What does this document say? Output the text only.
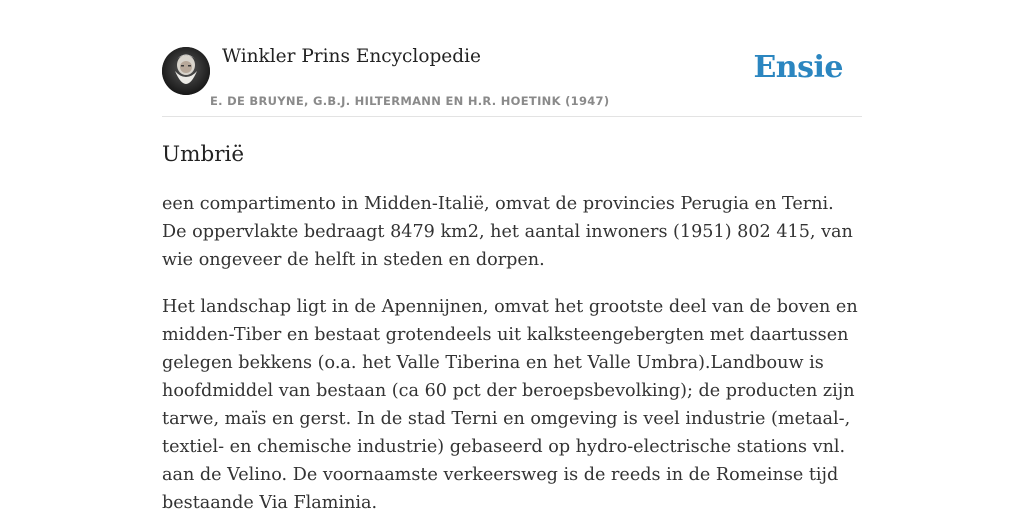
Winkler Prins Encyclopedie
E. DE BRUYNE, G.B.J. HILTERMANN EN H.R. HOETINK (1947)
Ensie
Umbrië

een compartimento in Midden-Italië, omvat de provincies Perugia en Terni. De oppervlakte bedraagt 8479 km2, het aantal inwoners (1951) 802 415, van wie ongeveer de helft in steden en dorpen.

Het landschap ligt in de Apennijnen, omvat het grootste deel van de boven en midden-Tiber en bestaat grotendeels uit kalksteengebergten met daartussen gelegen bekkens (o.a. het Valle Tiberina en het Valle Umbra).Landbouw is hoofdmiddel van bestaan (ca 60 pct der beroepsbevolking); de producten zijn tarwe, maïs en gerst. In de stad Terni en omgeving is veel industrie (metaal-, textiel- en chemische industrie) gebaseerd op hydro-electrische stations vnl. aan de Velino. De voornaamste verkeersweg is de reeds in de Romeinse tijd bestaande Via Flaminia.
